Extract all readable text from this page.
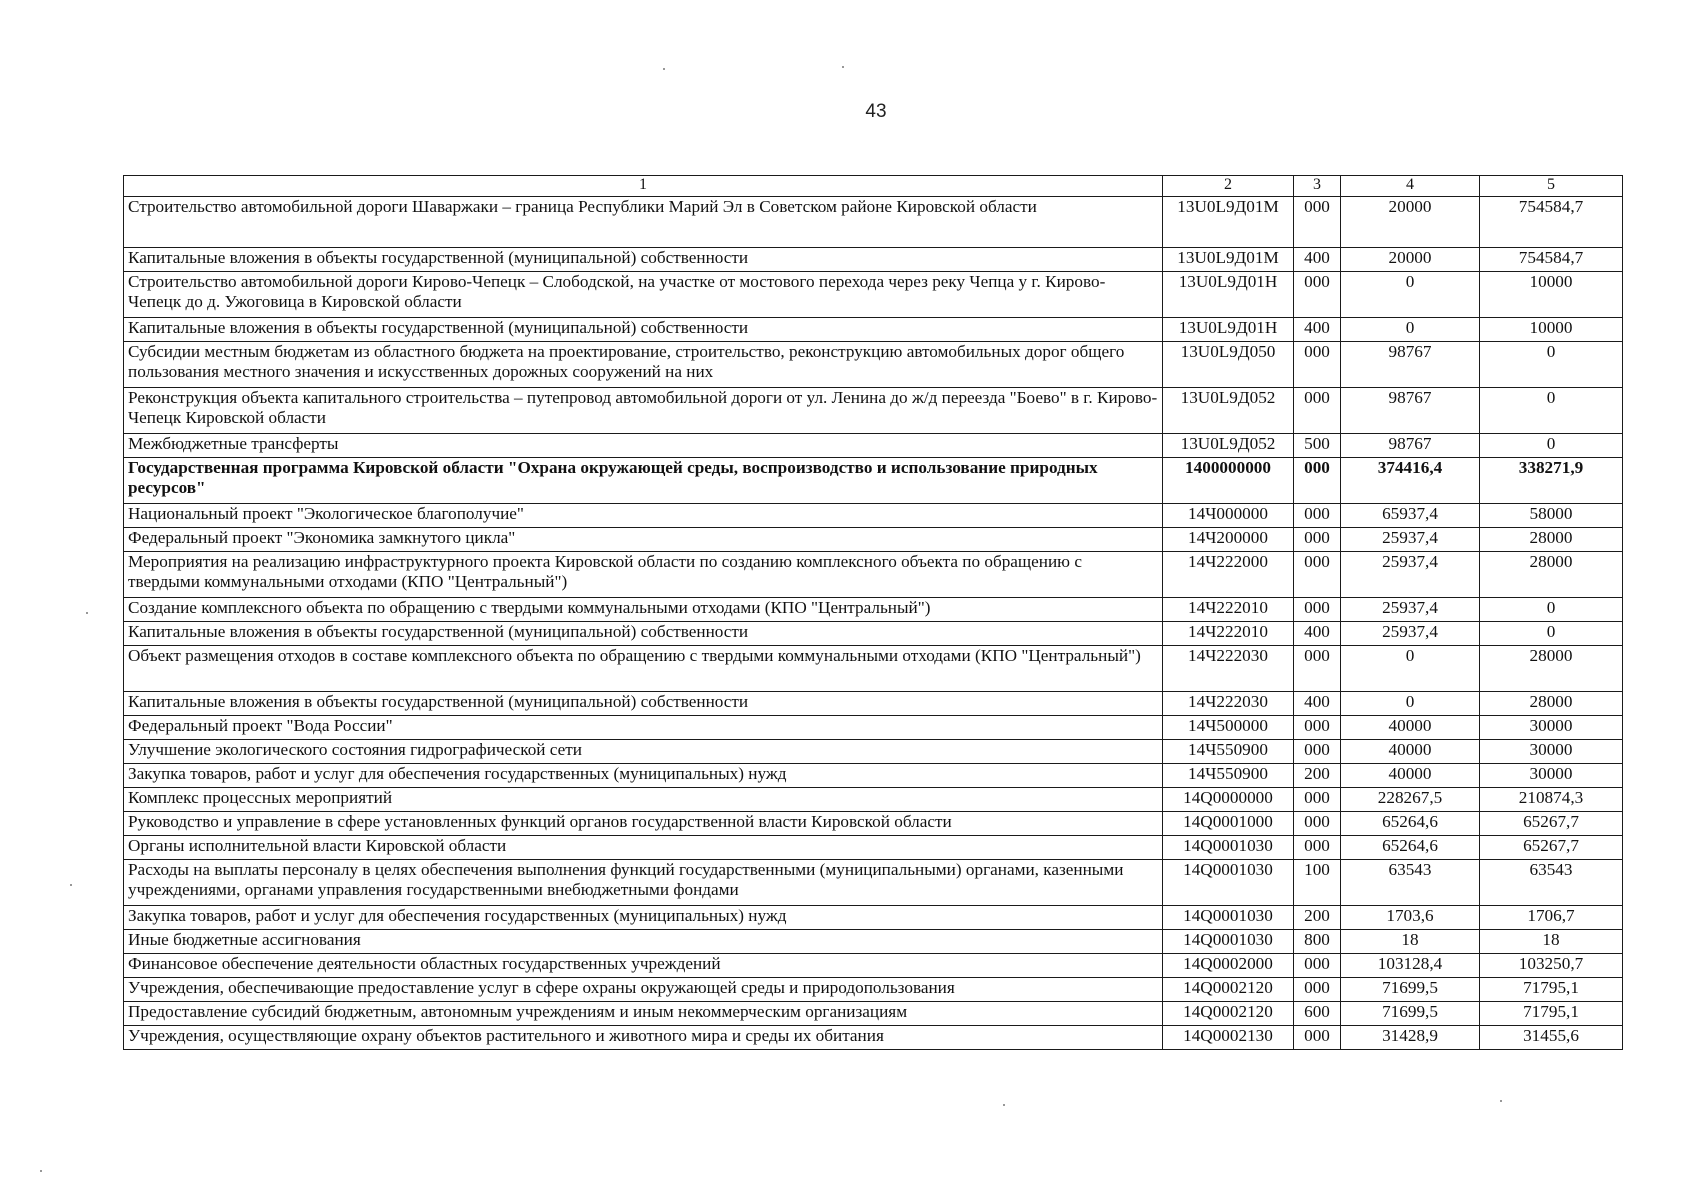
43
1	2	3	4	5
Строительство автомобильной дороги Шаваржаки – граница Республики Марий Эл в Советском районе Кировской области	13U0L9Д01М	000	20000	754584,7
Капитальные вложения в объекты государственной (муниципальной) собственности	13U0L9Д01М	400	20000	754584,7
Строительство автомобильной дороги Кирово-Чепецк – Слободской, на участке от мостового перехода через реку Чепца у г. Кирово-Чепецк до д. Ужоговица в Кировской области	13U0L9Д01Н	000	0	10000
Капитальные вложения в объекты государственной (муниципальной) собственности	13U0L9Д01Н	400	0	10000
Субсидии местным бюджетам из областного бюджета на проектирование, строительство, реконструкцию автомобильных дорог общего пользования местного значения и искусственных дорожных сооружений на них	13U0L9Д050	000	98767	0
Реконструкция объекта капитального строительства – путепровод автомобильной дороги от ул. Ленина до ж/д переезда "Боево" в г. Кирово-Чепецк Кировской области	13U0L9Д052	000	98767	0
Межбюджетные трансферты	13U0L9Д052	500	98767	0
Государственная программа Кировской области "Охрана окружающей среды, воспроизводство и использование природных ресурсов"	1400000000	000	374416,4	338271,9
Национальный проект "Экологическое благополучие"	14Ч000000	000	65937,4	58000
Федеральный проект "Экономика замкнутого цикла"	14Ч200000	000	25937,4	28000
Мероприятия на реализацию инфраструктурного проекта Кировской области по созданию комплексного объекта по обращению с твердыми коммунальными отходами (КПО "Центральный")	14Ч222000	000	25937,4	28000
Создание комплексного объекта по обращению с твердыми коммунальными отходами (КПО "Центральный")	14Ч222010	000	25937,4	0
Капитальные вложения в объекты государственной (муниципальной) собственности	14Ч222010	400	25937,4	0
Объект размещения отходов в составе комплексного объекта по обращению с твердыми коммунальными отходами (КПО "Центральный")	14Ч222030	000	0	28000
Капитальные вложения в объекты государственной (муниципальной) собственности	14Ч222030	400	0	28000
Федеральный проект "Вода России"	14Ч500000	000	40000	30000
Улучшение экологического состояния гидрографической сети	14Ч550900	000	40000	30000
Закупка товаров, работ и услуг для обеспечения государственных (муниципальных) нужд	14Ч550900	200	40000	30000
Комплекс процессных мероприятий	14Q0000000	000	228267,5	210874,3
Руководство и управление в сфере установленных функций органов государственной власти Кировской области	14Q0001000	000	65264,6	65267,7
Органы исполнительной власти Кировской области	14Q0001030	000	65264,6	65267,7
Расходы на выплаты персоналу в целях обеспечения выполнения функций государственными (муниципальными) органами, казенными учреждениями, органами управления государственными внебюджетными фондами	14Q0001030	100	63543	63543
Закупка товаров, работ и услуг для обеспечения государственных (муниципальных) нужд	14Q0001030	200	1703,6	1706,7
Иные бюджетные ассигнования	14Q0001030	800	18	18
Финансовое обеспечение деятельности областных государственных учреждений	14Q0002000	000	103128,4	103250,7
Учреждения, обеспечивающие предоставление услуг в сфере охраны окружающей среды и природопользования	14Q0002120	000	71699,5	71795,1
Предоставление субсидий бюджетным, автономным учреждениям и иным некоммерческим организациям	14Q0002120	600	71699,5	71795,1
Учреждения, осуществляющие охрану объектов растительного и животного мира и среды их обитания	14Q0002130	000	31428,9	31455,6
